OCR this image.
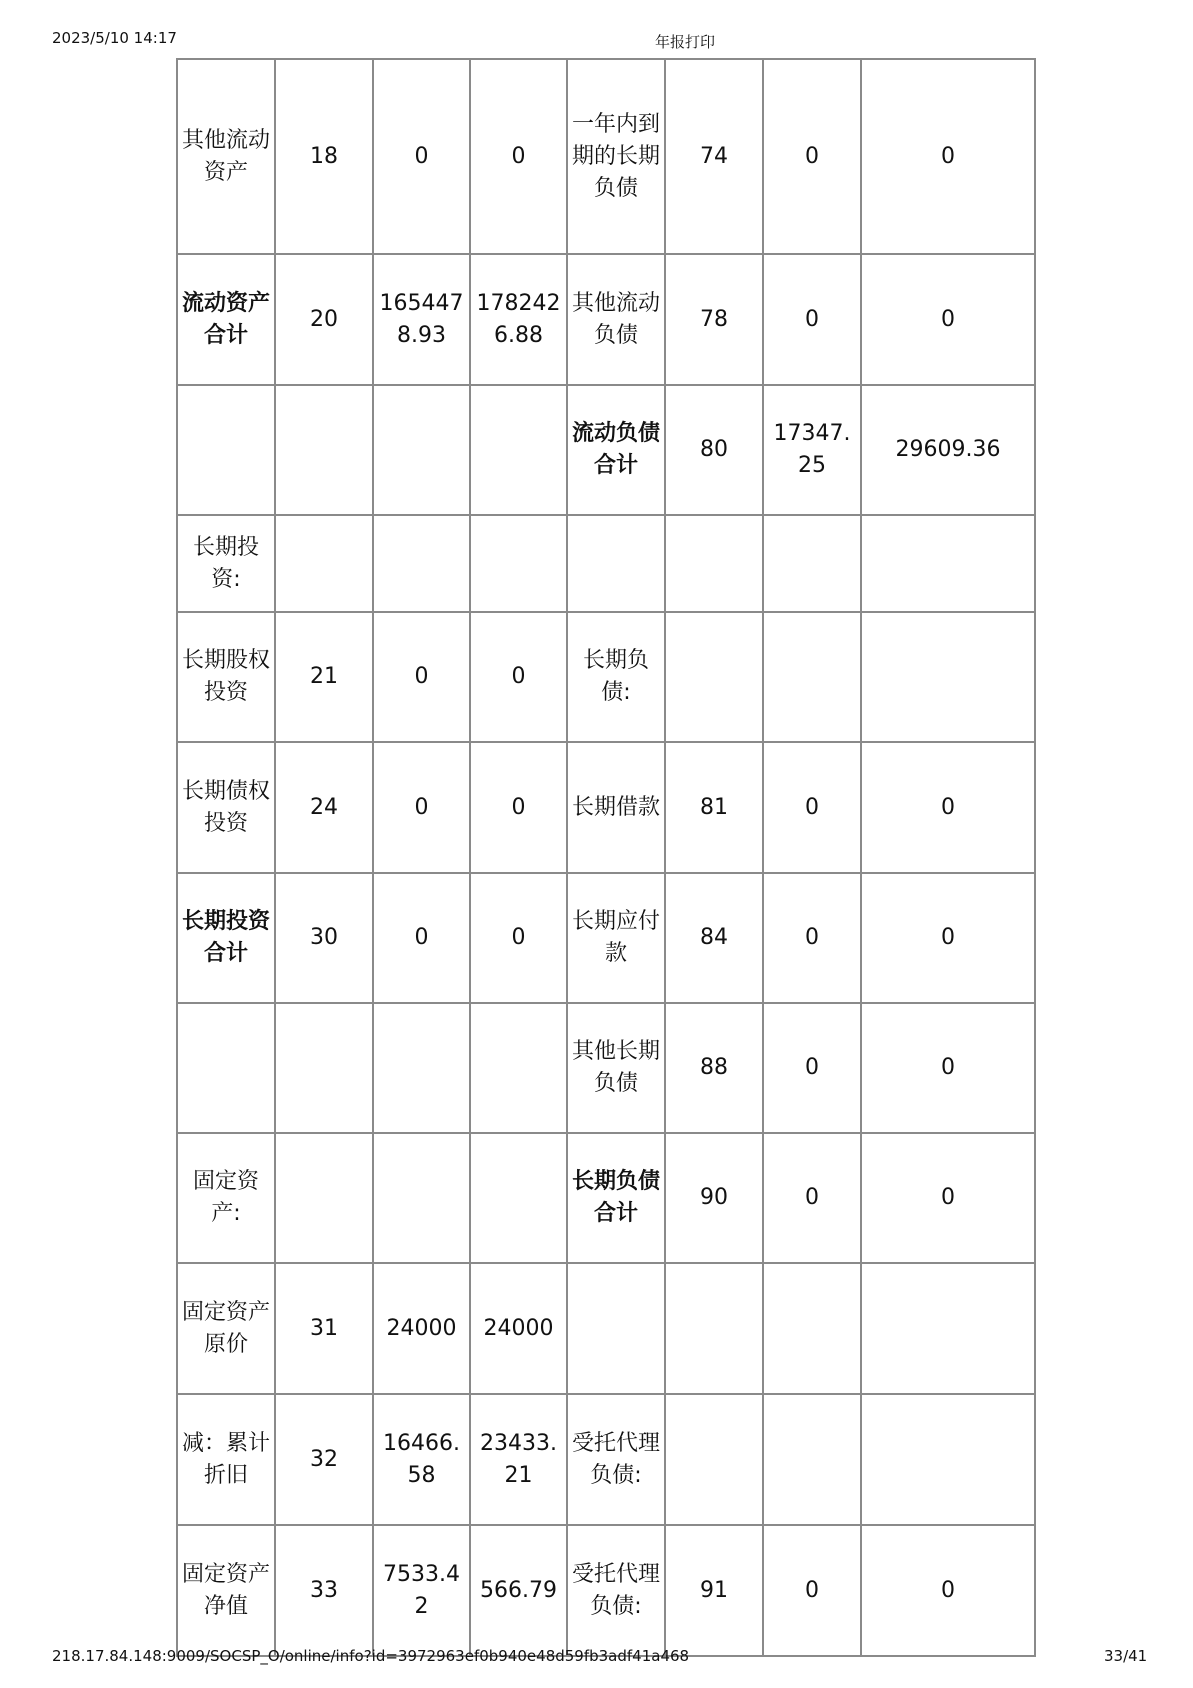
2023/5/10 14:17	年报打印
其他流动资产	18	0	0	一年内到期的长期负债	74	0	0
流动资产合计	20	1654478.93	1782426.88	其他流动负债	78	0	0
				流动负债合计	80	17347.25	29609.36
长期投资:							
长期股权投资	21	0	0	长期负债:			
长期债权投资	24	0	0	长期借款	81	0	0
长期投资合计	30	0	0	长期应付款	84	0	0
				其他长期负债	88	0	0
固定资产:				长期负债合计	90	0	0
固定资产原价	31	24000	24000				
减：累计折旧	32	16466.58	23433.21	受托代理负债:			
固定资产净值	33	7533.42	566.79	受托代理负债:	91	0	0
218.17.84.148:9009/SOCSP_O/online/info?id=3972963ef0b940e48d59fb3adf41a468	33/41
